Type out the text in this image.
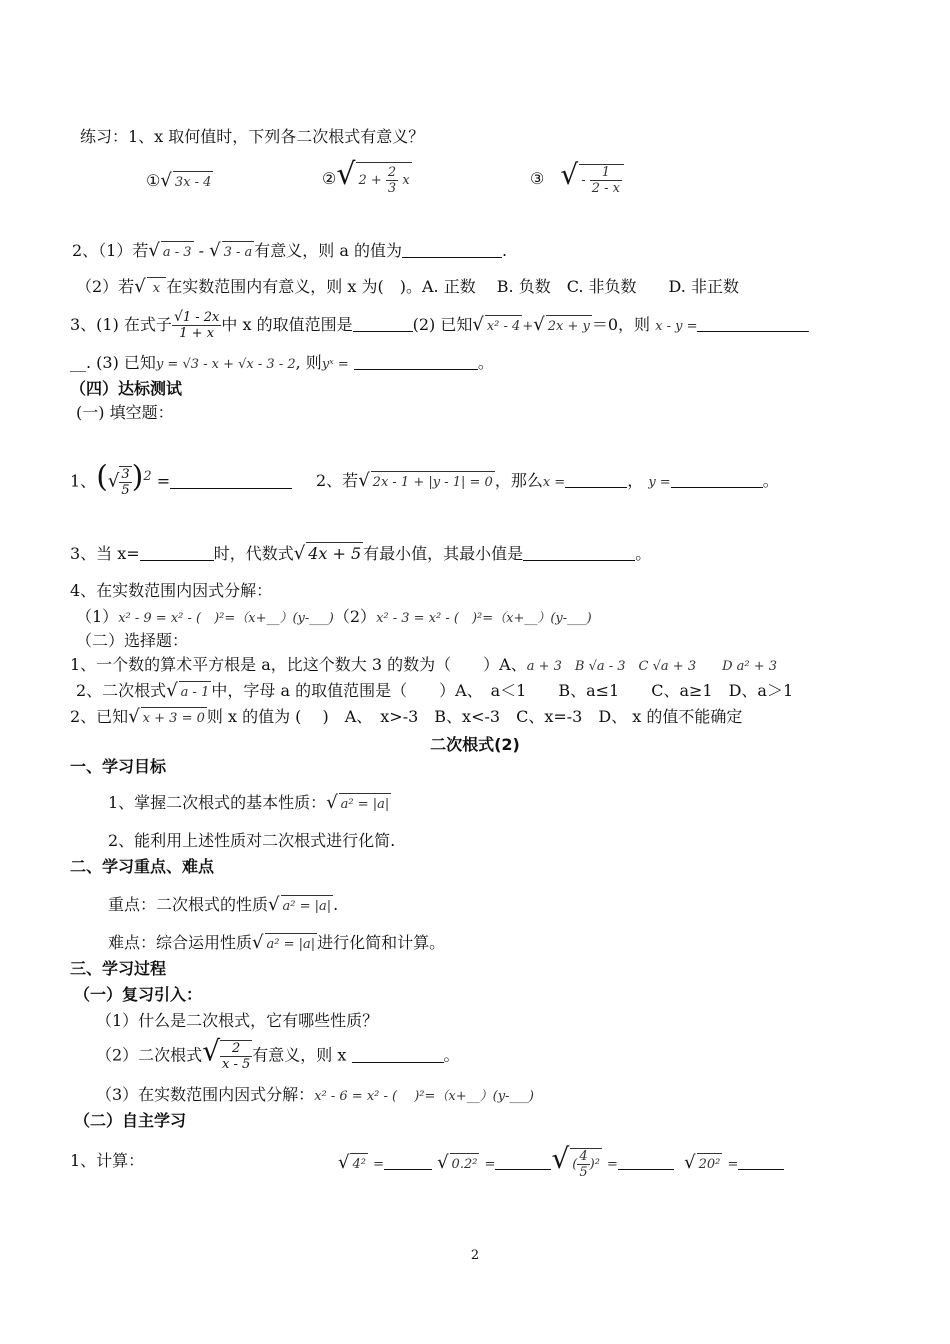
练习：1、x 取何值时，下列各二次根式有意义？
①√ 3x - 4	②√ $2 + \frac{2}{3}$ x	③　 √ - $\frac{1}{2 - x}$
2、（1）若√ a - 3 - √ 3 - a 有意义，则 a 的值为	.
（2）若√ x 在实数范围内有意义，则 x 为(　)。A. 正数　 B. 负数　C. 非负数　　D. 非正数
3、(1) 在式子 $\frac{√1 - 2x}{1 + x}$ 中 x 的取值范围是	(2) 已知√ x² - 4 +√ 2x + y ＝0，则 x - y =
__. (3) 已知y = √3 - x + √x - 3 - 2, 则yˣ =	。
（四）达标测试
(一) 填空题：
1、(√ $\frac{3}{5} )^2$ =	2、若√ 2x - 1 + |y - 1| = 0 ，那么x =	， y =	。
3、当 x=	时，代数式√ 4x + 5 有最小值，其最小值是	。
4、在实数范围内因式分解：
（1）x² - 9 = x² - (　)²=（x+__）(y-___)（2）x² - 3 = x² - (　)²=（x+__）(y-___)
（二）选择题：
1、一个数的算术平方根是 a，比这个数大 3 的数为（　　）A、a + 3　B √a - 3　C √a + 3　　D a² + 3
2、二次根式√ a - 1 中，字母 a 的取值范围是（　　）A、　a＜1　　B、a≤1　　C、a≥1　D、a＞1
2、已知√ x + 3 = 0 则 x 的值为 (　 )　A、　x>-3　B、x<-3　C、x=-3　D、 x 的值不能确定
二次根式(2)
一、学习目标
1、掌握二次根式的基本性质：√ a² = |a|
2、能利用上述性质对二次根式进行化简.
二、学习重点、难点
重点：二次根式的性质√ a² = |a| .
难点：综合运用性质√ a² = |a| 进行化简和计算。
三、学习过程
（一）复习引入：
（1）什么是二次根式，它有哪些性质？
（2）二次根式√ $\frac{2}{x - 5}$ 有意义，则 x	。
（3）在实数范围内因式分解：x² - 6 = x² - (　 )²=（x+__）(y-___)
（二）自主学习
1、计算：	√ 4² =	√ 0.2² = √ ( $\frac{4}{5} )^2$ =	√ 20² =
2
